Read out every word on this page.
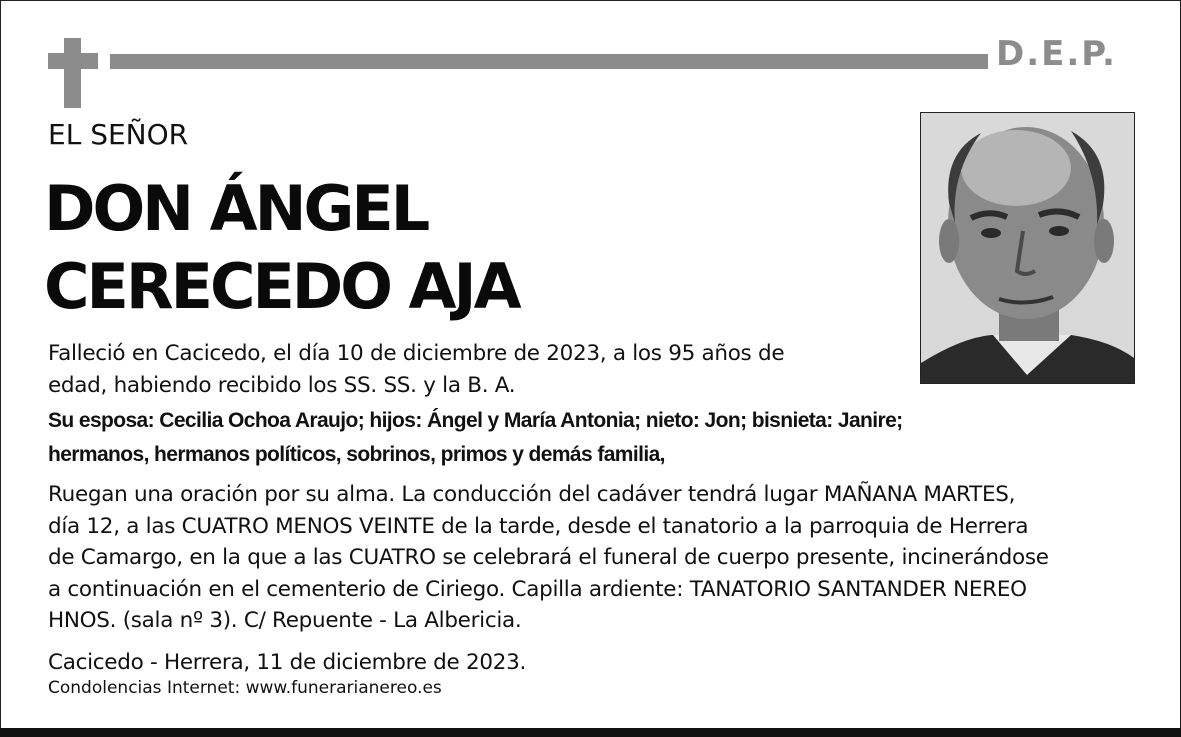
D.E.P.
EL SEÑOR
DON ÁNGEL
CERECEDO AJA
Falleció en Cacicedo, el día 10 de diciembre de 2023, a los 95 años de
edad, habiendo recibido los SS. SS. y la B. A.
Su esposa: Cecilia Ochoa Araujo; hijos: Ángel y María Antonia; nieto: Jon; bisnieta: Janire;
hermanos, hermanos políticos, sobrinos, primos y demás familia,
Ruegan una oración por su alma. La conducción del cadáver tendrá lugar MAÑANA MARTES,
día 12, a las CUATRO MENOS VEINTE de la tarde, desde el tanatorio a la parroquia de Herrera
de Camargo, en la que a las CUATRO se celebrará el funeral de cuerpo presente, incinerándose
a continuación en el cementerio de Ciriego. Capilla ardiente: TANATORIO SANTANDER NEREO
HNOS. (sala nº 3). C/ Repuente - La Albericia.
Cacicedo - Herrera, 11 de diciembre de 2023.
Condolencias Internet: www.funerarianereo.es
